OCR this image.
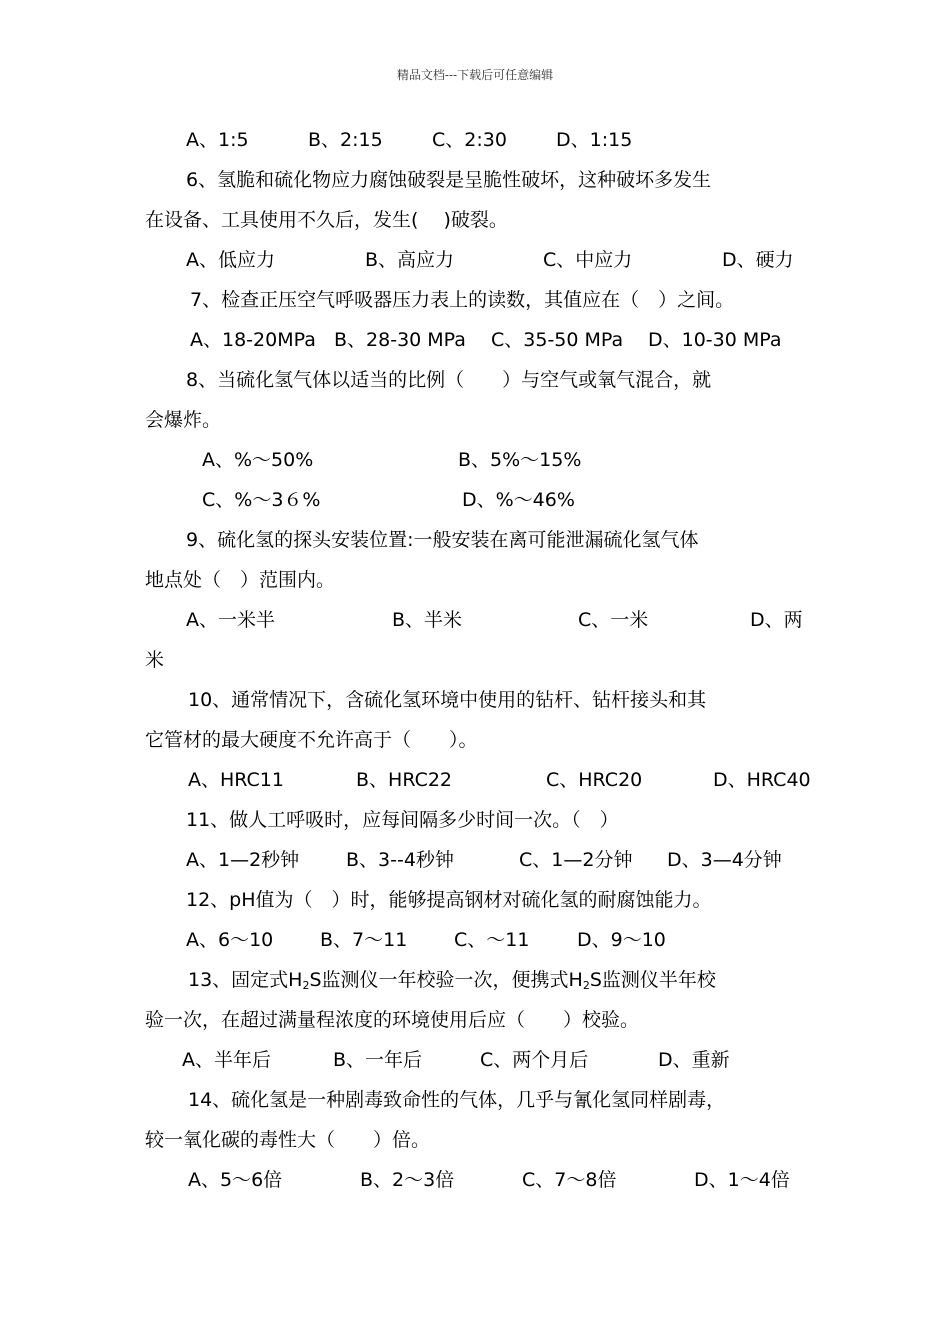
精品文档---下载后可任意编辑
A、1:5	B、2:15	C、2:30	D、1:15
6、氢脆和硫化物应力腐蚀破裂是呈脆性破坏，这种破坏多发生
在设备、工具使用不久后，发生(　 )破裂。
A、低应力	B、高应力	C、中应力	D、硬力
7、检查正压空气呼吸器压力表上的读数，其值应在（　）之间。
A、18-20MPa B、28-30 MPa C、35-50 MPa D、10-30 MPa
8、当硫化氢气体以适当的比例（　　）与空气或氧气混合，就
会爆炸。
A、%～50%	B、5%～15%
C、%～3６%	D、%～46%
9、硫化氢的探头安装位置:一般安装在离可能泄漏硫化氢气体
地点处（　）范围内。
A、一米半	B、半米	C、一米	D、两
米
10、通常情况下，含硫化氢环境中使用的钻杆、钻杆接头和其
它管材的最大硬度不允许高于（　　）。
A、HRC11	B、HRC22	C、HRC20	D、HRC40
11、做人工呼吸时，应每间隔多少时间一次。（　）
A、1—2秒钟 B、3--4秒钟	C、1—2分钟 D、3—4分钟
12、pH值为（　）时，能够提高钢材对硫化氢的耐腐蚀能力。
A、6～10 B、7～11 C、～11	D、9～10
13、固定式$H_2S$监测仪一年校验一次，便携式$H_2S$监测仪半年校
验一次，在超过满量程浓度的环境使用后应（　　）校验。
A、半年后	B、一年后	C、两个月后	D、重新
14、硫化氢是一种剧毒致命性的气体，几乎与氰化氢同样剧毒，
较一氧化碳的毒性大（　　）倍。
A、5～6倍	B、2～3倍	C、7～8倍	D、1～4倍
